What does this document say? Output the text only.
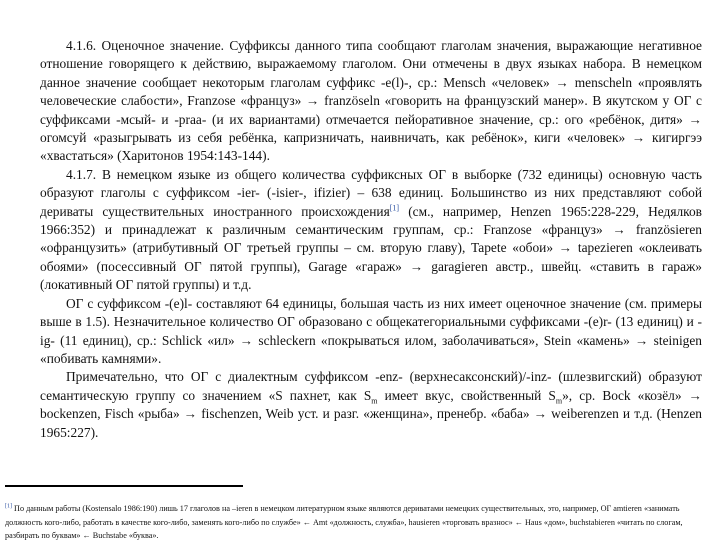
4.1.6. Оценочное значение. Суффиксы данного типа сообщают глаголам значения, выражающие негативное отношение говорящего к действию, выражаемому глаголом. Они отмечены в двух языках набора. В немецком данное значение сообщает некоторым глаголам суффикс -e(l)-, ср.: Mensch «человек» → menscheln «проявлять человеческие слабости», Franzose «француз» → französeln «говорить на французский манер». В якутском у ОГ с суффиксами -мсый- и -prаа- (и их вариантами) отмечается пейоративное значение, ср.: ого «ребёнок, дитя» → огомсуй «разыгрывать из себя ребёнка, капризничать, наивничать, как ребёнок», киги «человек» → кигиргээ «хвастаться» (Харитонов 1954:143-144).

4.1.7. В немецком языке из общего количества суффиксных ОГ в выборке (732 единицы) основную часть образуют глаголы с суффиксом -ier- (-isier-, ifizier) – 638 единиц. Большинство из них представляют собой дериваты существительных иностранного происхождения[1] (см., например, Henzen 1965:228-229, Недялков 1966:352) и принадлежат к различным семантическим группам, ср.: Franzose «француз» → französieren «офранцузить» (атрибутивный ОГ третьей группы – см. вторую главу), Tapete «обои» → tapezieren «оклеивать обоями» (посессивный ОГ пятой группы), Garage «гараж» → garagieren австр., швейц. «ставить в гараж» (локативный ОГ пятой группы) и т.д.

ОГ с суффиксом -(e)l- составляют 64 единицы, большая часть из них имеет оценочное значение (см. примеры выше в 1.5). Незначительное количество ОГ образовано с общекатегориальными суффиксами -(e)r- (13 единиц) и -ig- (11 единиц), ср.: Schlick «ил» → schleckern «покрываться илом, заболачиваться», Stein «камень» → steinigen «побивать камнями».

Примечательно, что ОГ с диалектным суффиксом -enz- (верхнесаксонский)/-inz- (шлезвигский) образуют семантическую группу со значением «S пахнет, как $S_m$ имеет вкус, свойственный $S_m$», ср. Bock «козёл» → bockenzen, Fisch «рыба» → fischenzen, Weib уст. и разг. «женщина», пренебр. «баба» → weiberenzen и т.д. (Henzen 1965:227).

[1] По данным работы (Kostensalo 1986:190) лишь 17 глаголов на –ieren в немецком литературном языке являются дериватами немецких существительных, это, например, ОГ amtieren «занимать должность кого-либо, работать в качестве кого-либо, заменять кого-либо по службе» ← Amt «должность, служба», hausieren «торговать вразнос» ← Haus «дом», buchstabieren «читать по слогам, разбирать по буквам» ← Buchstabe «буква».
